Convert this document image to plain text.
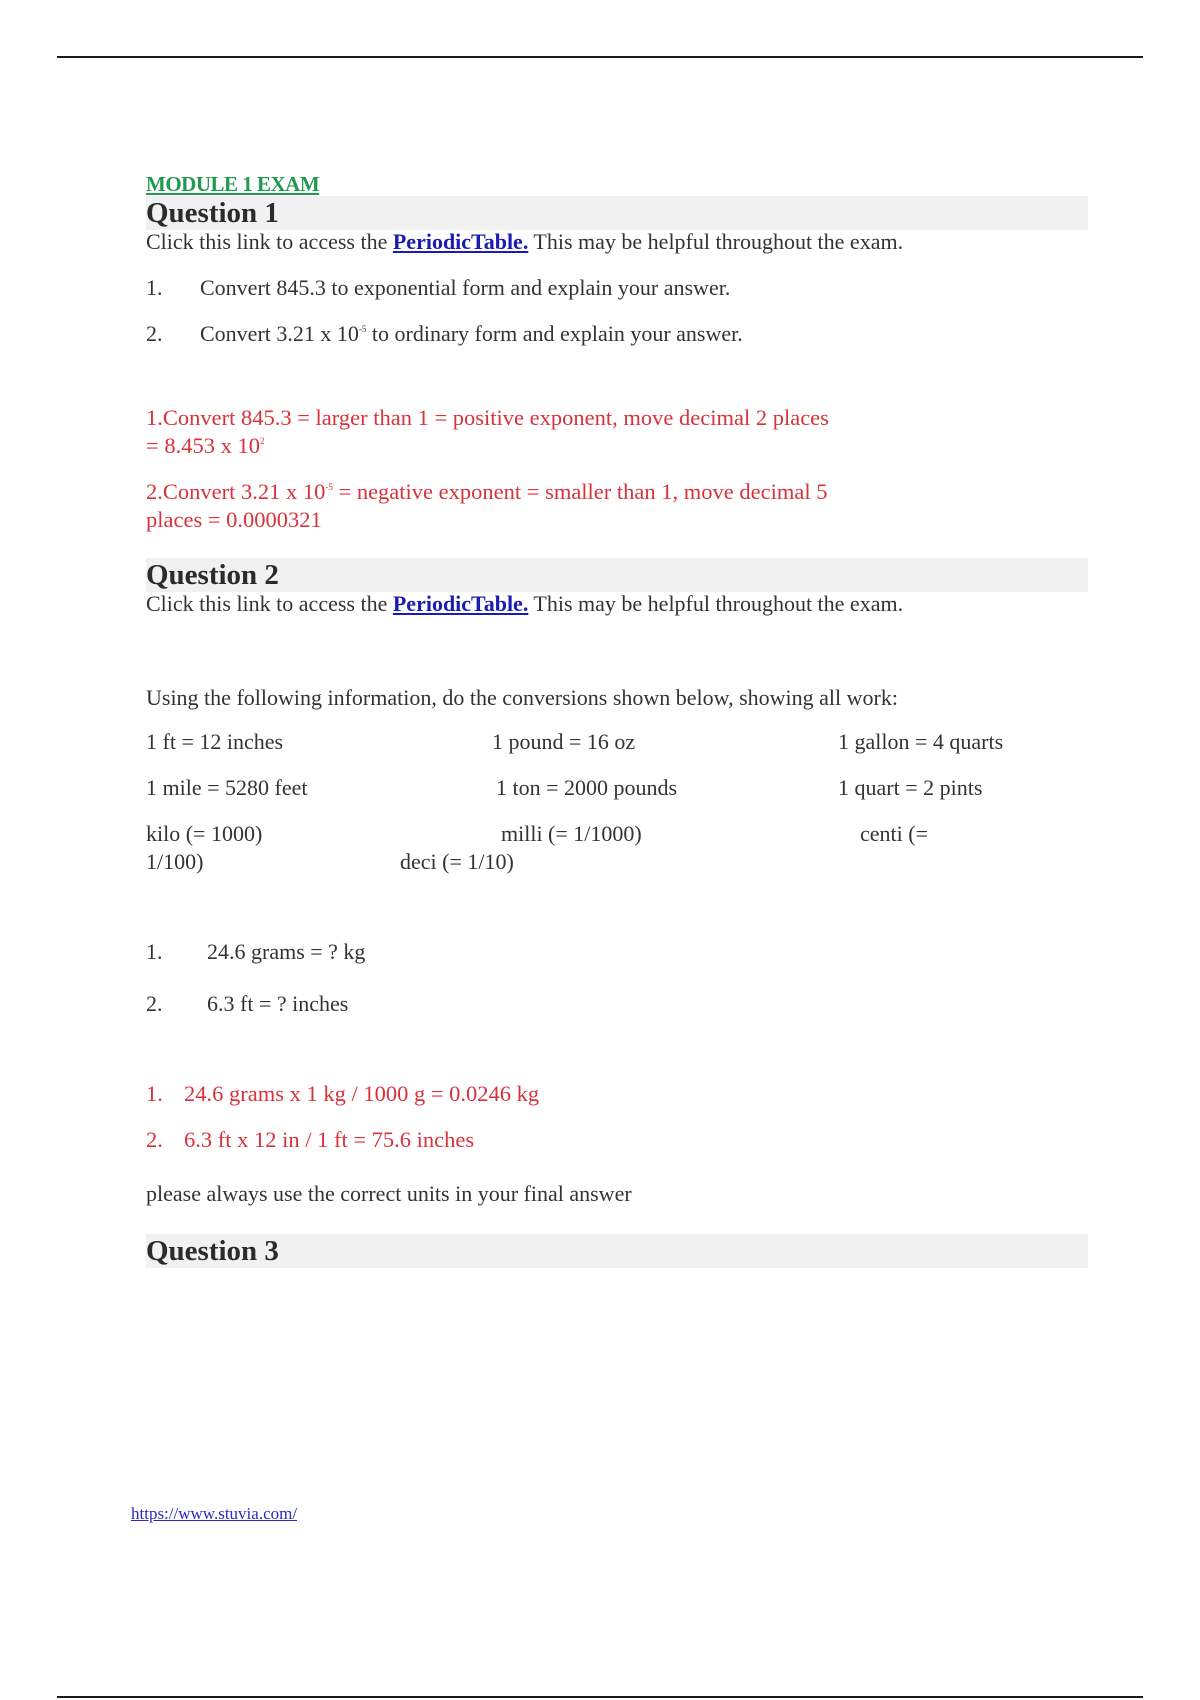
MODULE 1 EXAM
Question 1

Click this link to access the PeriodicTable. This may be helpful throughout the exam.

1.	Convert 845.3 to exponential form and explain your answer.
2.	Convert 3.21 x $10^{-5}$ to ordinary form and explain your answer.
1.Convert 845.3 = larger than 1 = positive exponent, move decimal 2 places
= 8.453 x $10^2$
2.Convert 3.21 x $10^{-5}$ = negative exponent = smaller than 1, move decimal 5
places = 0.0000321
Question 2

Click this link to access the PeriodicTable. This may be helpful throughout the exam.

Using the following information, do the conversions shown below, showing all work:

1 ft = 12 inches	1 pound = 16 oz	1 gallon = 4 quarts
1 mile = 5280 feet	1 ton = 2000 pounds	1 quart = 2 pints
kilo (= 1000)	milli (= 1/1000)	centi (=
1/100)	deci (= 1/10)
1.	24.6 grams = ? kg
2.	6.3 ft = ? inches
1. 24.6 grams x 1 kg / 1000 g = 0.0246 kg
2. 6.3 ft x 12 in / 1 ft = 75.6 inches

please always use the correct units in your final answer

Question 3
https://www.stuvia.com/
